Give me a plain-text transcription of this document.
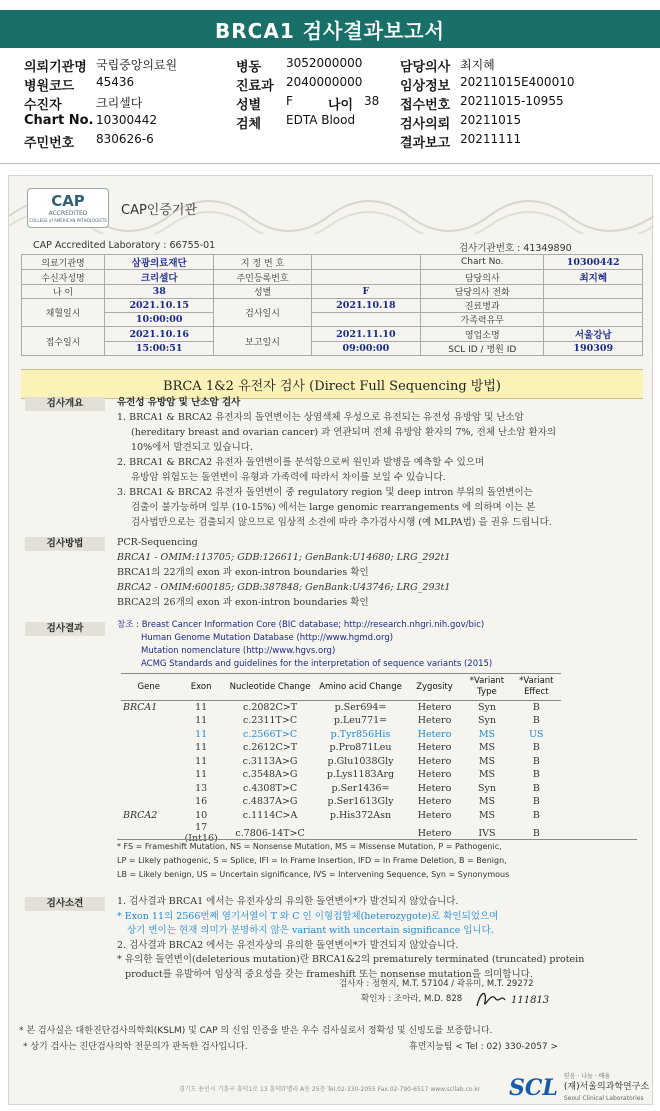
BRCA1 검사결과보고서
의뢰기관명 국립중앙의료원	병동 3052000000	담당의사 최지혜
병원코드 45436	진료과 2040000000	임상정보 20211015E400010
수진자	크리셀다	성별 F	나이 38 접수번호 20211015-10955
Chart No. 10300442	검체 EDTA Blood	검사의뢰 20211015
주민번호 830626-6	결과보고 20211111
CAP
ACCREDITED
COLLEGE of AMERICAN PATHOLOGISTS
CAP인증기관
CAP Accredited Laboratory : 66755-01	검사기관번호 : 41349890
의료기관명	삼광의료재단	지 정 번 호		Chart No.	10300442
수신자성명	크리셀다	주민등록번호		담당의사	최지혜
나 이	38	성별	F	담당의사 전화	
채혈일시	2021.10.15	검사일시	2021.10.18	진료병과	
	10:00:00			가족력유무	
접수일시	2021.10.16	보고일시	2021.11.10	영업소명	서울강남
	15:00:51		09:00:00	SCL ID / 병원 ID	190309
BRCA 1&2 유전자 검사 (Direct Full Sequencing 방법)
검사개요	유전성 유방암 및 난소암 검사
1. BRCA1 & BRCA2 유전자의 돌연변이는 상염색체 우성으로 유전되는 유전성 유방암 및 난소암
(hereditary breast and ovarian cancer) 과 연관되며 전체 유방암 환자의 7%, 전체 난소암 환자의
10%에서 발견되고 있습니다.
2. BRCA1 & BRCA2 유전자 돌연변이를 분석함으로써 원인과 발병을 예측할 수 있으며
유방암 위험도는 돌연변이 유형과 가족력에 따라서 차이를 보일 수 있습니다.
3. BRCA1 & BRCA2 유전자 돌연변이 중 regulatory region 및 deep intron 부위의 돌연변이는
검출이 불가능하며 일부 (10-15%) 에서는 large genomic rearrangements 에 의하며 이는 본
검사법만으로는 검출되지 않으므로 임상적 소견에 따라 추가검사시행 (예 MLPA법) 을 권유 드립니다.
검사방법	PCR-Sequencing
BRCA1 - OMIM:113705; GDB:126611; GenBank:U14680; LRG_292t1
BRCA1의 22개의 exon 과 exon-intron boundaries 확인
BRCA2 - OMIM:600185; GDB:387848; GenBank:U43746; LRG_293t1
BRCA2의 26개의 exon 과 exon-intron boundaries 확인
검사결과	참조 : Breast Cancer Information Core (BIC database; http://research.nhgri.nih.gov/bic)
Human Genome Mutation Database (http://www.hgmd.org)
Mutation nomenclature (http://www.hgvs.org)
ACMG Standards and guidelines for the interpretation of sequence variants (2015)
Gene	Exon	Nucleotide Change	Amino acid Change	Zygosity	*Variant Type	*Variant Effect
BRCA1	11	c.2082C>T	p.Ser694=	Hetero	Syn	B
	11	c.2311T>C	p.Leu771=	Hetero	Syn	B
	11	c.2566T>C	p.Tyr856His	Hetero	MS	US
	11	c.2612C>T	p.Pro871Leu	Hetero	MS	B
	11	c.3113A>G	p.Glu1038Gly	Hetero	MS	B
	11	c.3548A>G	p.Lys1183Arg	Hetero	MS	B
	13	c.4308T>C	p.Ser1436=	Hetero	Syn	B
	16	c.4837A>G	p.Ser1613Gly	Hetero	MS	B
BRCA2	10	c.1114C>A	p.His372Asn	Hetero	MS	B
	17 (Int16)	c.7806-14T>C		Hetero	IVS	B
* FS = Frameshift Mutation, NS = Nonsense Mutation, MS = Missense Mutation, P = Pathogenic,
LP = Likely pathogenic, S = Splice, IFI = In Frame Insertion, IFD = In Frame Deletion, B = Benign,
LB = Likely benign, US = Uncertain significance, IVS = Intervening Sequence, Syn = Synonymous
검사소견	1. 검사결과 BRCA1 에서는 유전자상의 유의한 돌연변이*가 발견되지 않았습니다.
* Exon 11의 2566번째 염기서열이 T 와 C 인 이형접합체(heterozygote)로 확인되었으며
상기 변이는 현재 의미가 분명하지 않은 variant with uncertain significance 입니다.
2. 검사결과 BRCA2 에서는 유전자상의 유의한 돌연변이*가 발견되지 않았습니다.
* 유의한 돌연변이(deleterious mutation)란 BRCA1&2의 prematurely terminated (truncated) protein
product를 유발하여 임상적 중요성을 갖는 frameshift 또는 nonsense mutation을 의미합니다.
검사자 : 정현지, M.T. 57104 / 곽유미, M.T. 29272
확인자 : 조아라, M.D. 828	111813
* 본 검사실은 대한진단검사의학회(KSLM) 및 CAP 의 신임 인증을 받은 우수 검사실로서 정확성 및 신빙도를 보증합니다.
* 상기 검사는 진단검사의학 전문의가 판독한 검사입니다.	휴먼지능팀 < Tel : 02) 330-2057 >
경기도 용인시 기흥구 흥덕1로 13 흥덕IT밸리 A동 25층 Tel.02-330-2055 Fax.02-790-6517 www.scllab.co.kr SCL 믿음 · 나눔 · 배움
(재)서울의과학연구소
Seoul Clinical Laboratories
